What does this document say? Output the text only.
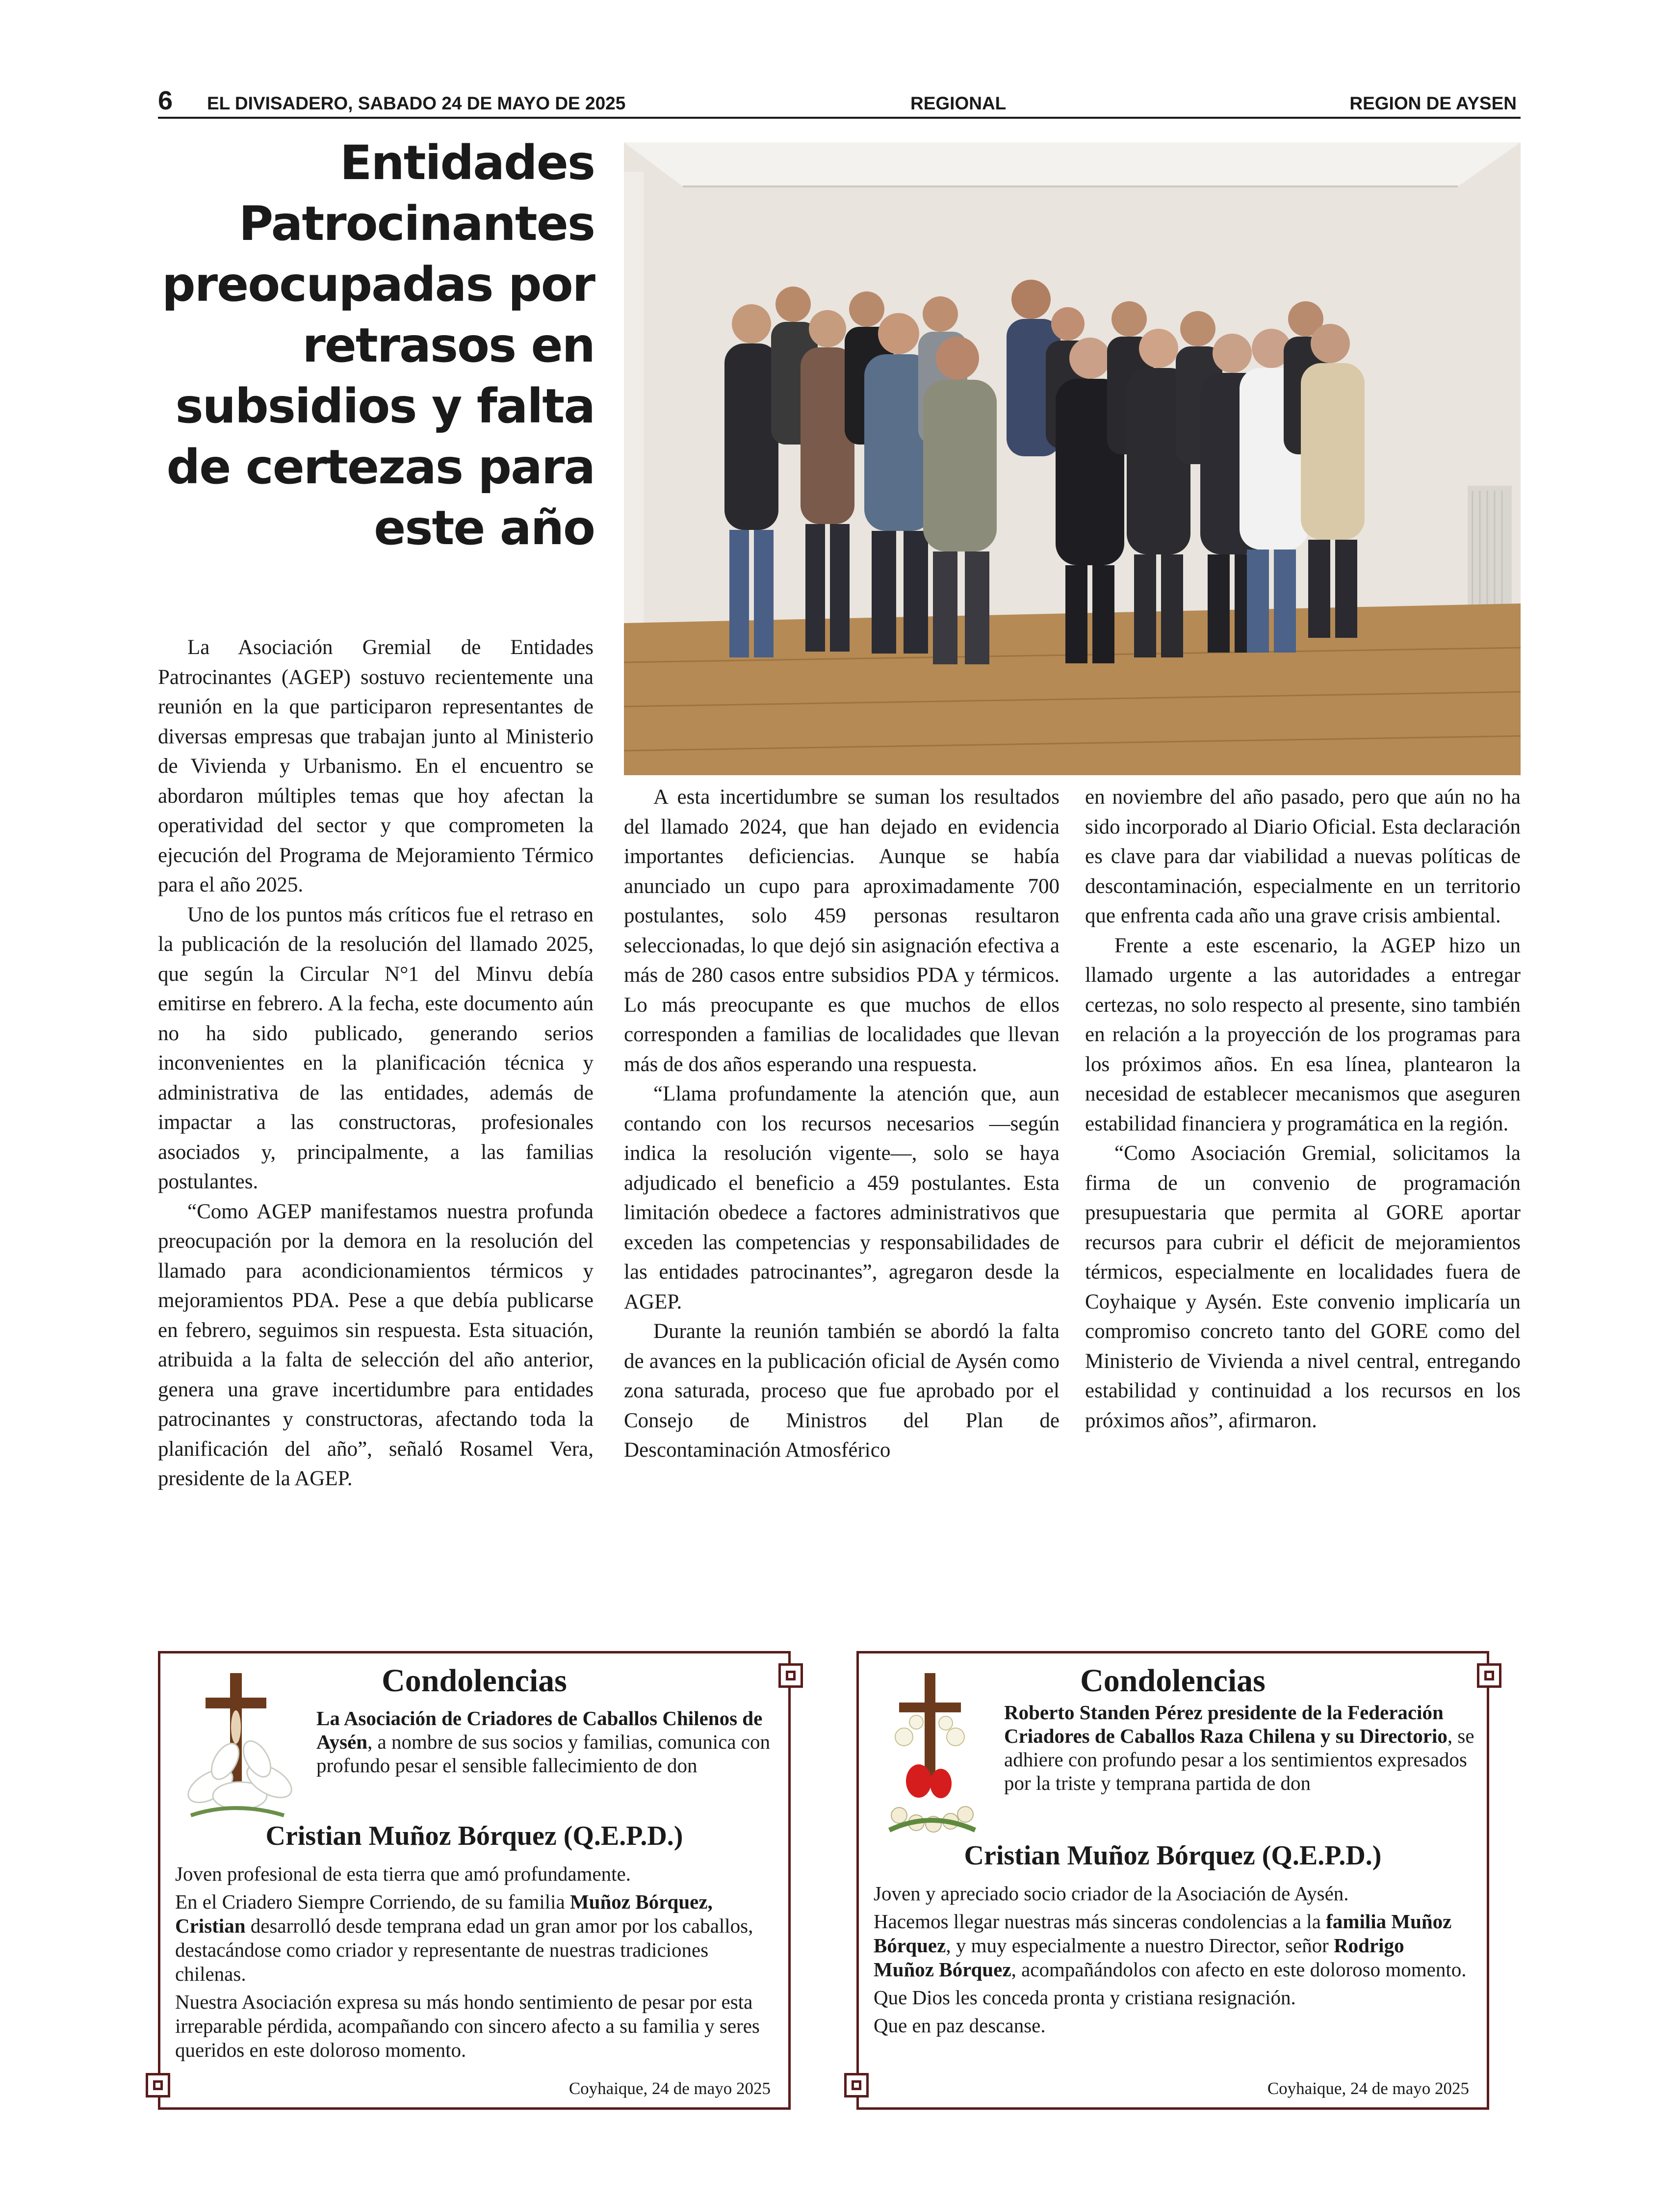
6 EL DIVISADERO, SABADO 24 DE MAYO DE 2025	REGIONAL	REGION DE AYSEN
Entidades Patrocinantes preocupadas por retrasos en subsidios y falta de certezas para este año

La Asociación Gremial de Entidades Patrocinantes (AGEP) sostuvo recientemente una reunión en la que participaron representantes de diversas empresas que trabajan junto al Ministerio de Vivienda y Urbanismo. En el encuentro se abordaron múltiples temas que hoy afectan la operatividad del sector y que comprometen la ejecución del Programa de Mejoramiento Térmico para el año 2025.

Uno de los puntos más críticos fue el retraso en la publicación de la resolución del llamado 2025, que según la Circular N°1 del Minvu debía emitirse en febrero. A la fecha, este documento aún no ha sido publicado, generando serios inconvenientes en la planificación técnica y administrativa de las entidades, además de impactar a las constructoras, profesionales asociados y, principalmente, a las familias postulantes.

“Como AGEP manifestamos nuestra profunda preocupación por la demora en la resolución del llamado para acondicionamientos térmicos y mejoramientos PDA. Pese a que debía publicarse en febrero, seguimos sin respuesta. Esta situación, atribuida a la falta de selección del año anterior, genera una grave incertidumbre para entidades patrocinantes y constructoras, afectando toda la planificación del año”, señaló Rosamel Vera, presidente de la AGEP.

A esta incertidumbre se suman los resultados del llamado 2024, que han dejado en evidencia importantes deficiencias. Aunque se había anunciado un cupo para aproximadamente 700 postulantes, solo 459 personas resultaron seleccionadas, lo que dejó sin asignación efectiva a más de 280 casos entre subsidios PDA y térmicos. Lo más preocupante es que muchos de ellos corresponden a familias de localidades que llevan más de dos años esperando una respuesta.

“Llama profundamente la atención que, aun contando con los recursos necesarios —según indica la resolución vigente—, solo se haya adjudicado el beneficio a 459 postulantes. Esta limitación obedece a factores administrativos que exceden las competencias y responsabilidades de las entidades patrocinantes”, agregaron desde la AGEP.

Durante la reunión también se abordó la falta de avances en la publicación oficial de Aysén como zona saturada, proceso que fue aprobado por el Consejo de Ministros del Plan de Descontaminación Atmosférico

en noviembre del año pasado, pero que aún no ha sido incorporado al Diario Oficial. Esta declaración es clave para dar viabilidad a nuevas políticas de descontaminación, especialmente en un territorio que enfrenta cada año una grave crisis ambiental.

Frente a este escenario, la AGEP hizo un llamado urgente a las autoridades a entregar certezas, no solo respecto al presente, sino también en relación a la proyección de los programas para los próximos años. En esa línea, plantearon la necesidad de establecer mecanismos que aseguren estabilidad financiera y programática en la región.

“Como Asociación Gremial, solicitamos la firma de un convenio de programación presupuestaria que permita al GORE aportar recursos para cubrir el déficit de mejoramientos térmicos, especialmente en localidades fuera de Coyhaique y Aysén. Este convenio implicaría un compromiso concreto tanto del GORE como del Ministerio de Vivienda a nivel central, entregando estabilidad y continuidad a los recursos en los próximos años”, afirmaron.

Condolencias
La Asociación de Criadores de Caballos Chilenos de Aysén, a nombre de sus socios y familias, comunica con profundo pesar el sensible fallecimiento de don
Cristian Muñoz Bórquez (Q.E.P.D.)

Joven profesional de esta tierra que amó profundamente.

En el Criadero Siempre Corriendo, de su familia Muñoz Bórquez, Cristian desarrolló desde temprana edad un gran amor por los caballos, destacándose como criador y representante de nuestras tradiciones chilenas.

Nuestra Asociación expresa su más hondo sentimiento de pesar por esta irreparable pérdida, acompañando con sincero afecto a su familia y seres queridos en este doloroso momento.

Coyhaique, 24 de mayo 2025
Condolencias
Roberto Standen Pérez presidente de la Federación Criadores de Caballos Raza Chilena y su Directorio, se adhiere con profundo pesar a los sentimientos expresados por la triste y temprana partida de don
Cristian Muñoz Bórquez (Q.E.P.D.)

Joven y apreciado socio criador de la Asociación de Aysén.

Hacemos llegar nuestras más sinceras condolencias a la familia Muñoz Bórquez, y muy especialmente a nuestro Director, señor Rodrigo Muñoz Bórquez, acompañándolos con afecto en este doloroso momento.

Que Dios les conceda pronta y cristiana resignación.

Que en paz descanse.

Coyhaique, 24 de mayo 2025
